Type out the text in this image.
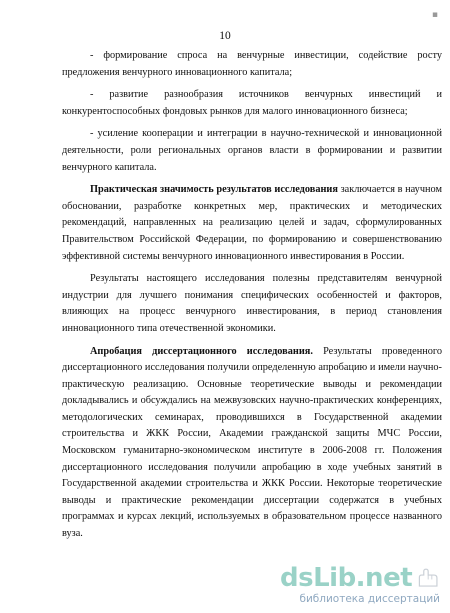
10
▪

- формирование спроса на венчурные инвестиции, содействие росту предложения венчурного инновационного капитала;

- развитие разнообразия источников венчурных инвестиций и конкурентоспособных фондовых рынков для малого инновационного бизнеса;

- усиление кооперации и интеграции в научно-технической и инновационной деятельности, роли региональных органов власти в формировании и развитии венчурного капитала.

Практическая значимость результатов исследования заключается в научном обосновании, разработке конкретных мер, практических и методических рекомендаций, направленных на реализацию целей и задач, сформулированных Правительством Российской Федерации, по формированию и совершенствованию эффективной системы венчурного инновационного инвестирования в России.

Результаты настоящего исследования полезны представителям венчурной индустрии для лучшего понимания специфических особенностей и факторов, влияющих на процесс венчурного инвестирования, в период становления инновационного типа отечественной экономики.

Апробация диссертационного исследования. Результаты проведенного диссертационного исследования получили определенную апробацию и имели научно-практическую реализацию. Основные теоретические выводы и рекомендации докладывались и обсуждались на межвузовских научно-практических конференциях, методологических семинарах, проводившихся в Государственной академии строительства и ЖКК России, Академии гражданской защиты МЧС России, Московском гуманитарно-экономическом институте в 2006-2008 гг. Положения диссертационного исследования получили апробацию в ходе учебных занятий в Государственной академии строительства и ЖКК России. Некоторые теоретические выводы и практические рекомендации диссертации содержатся в учебных программах и курсах лекций, используемых в образовательном процессе названного вуза.

dsLib.net
библиотека диссертаций
